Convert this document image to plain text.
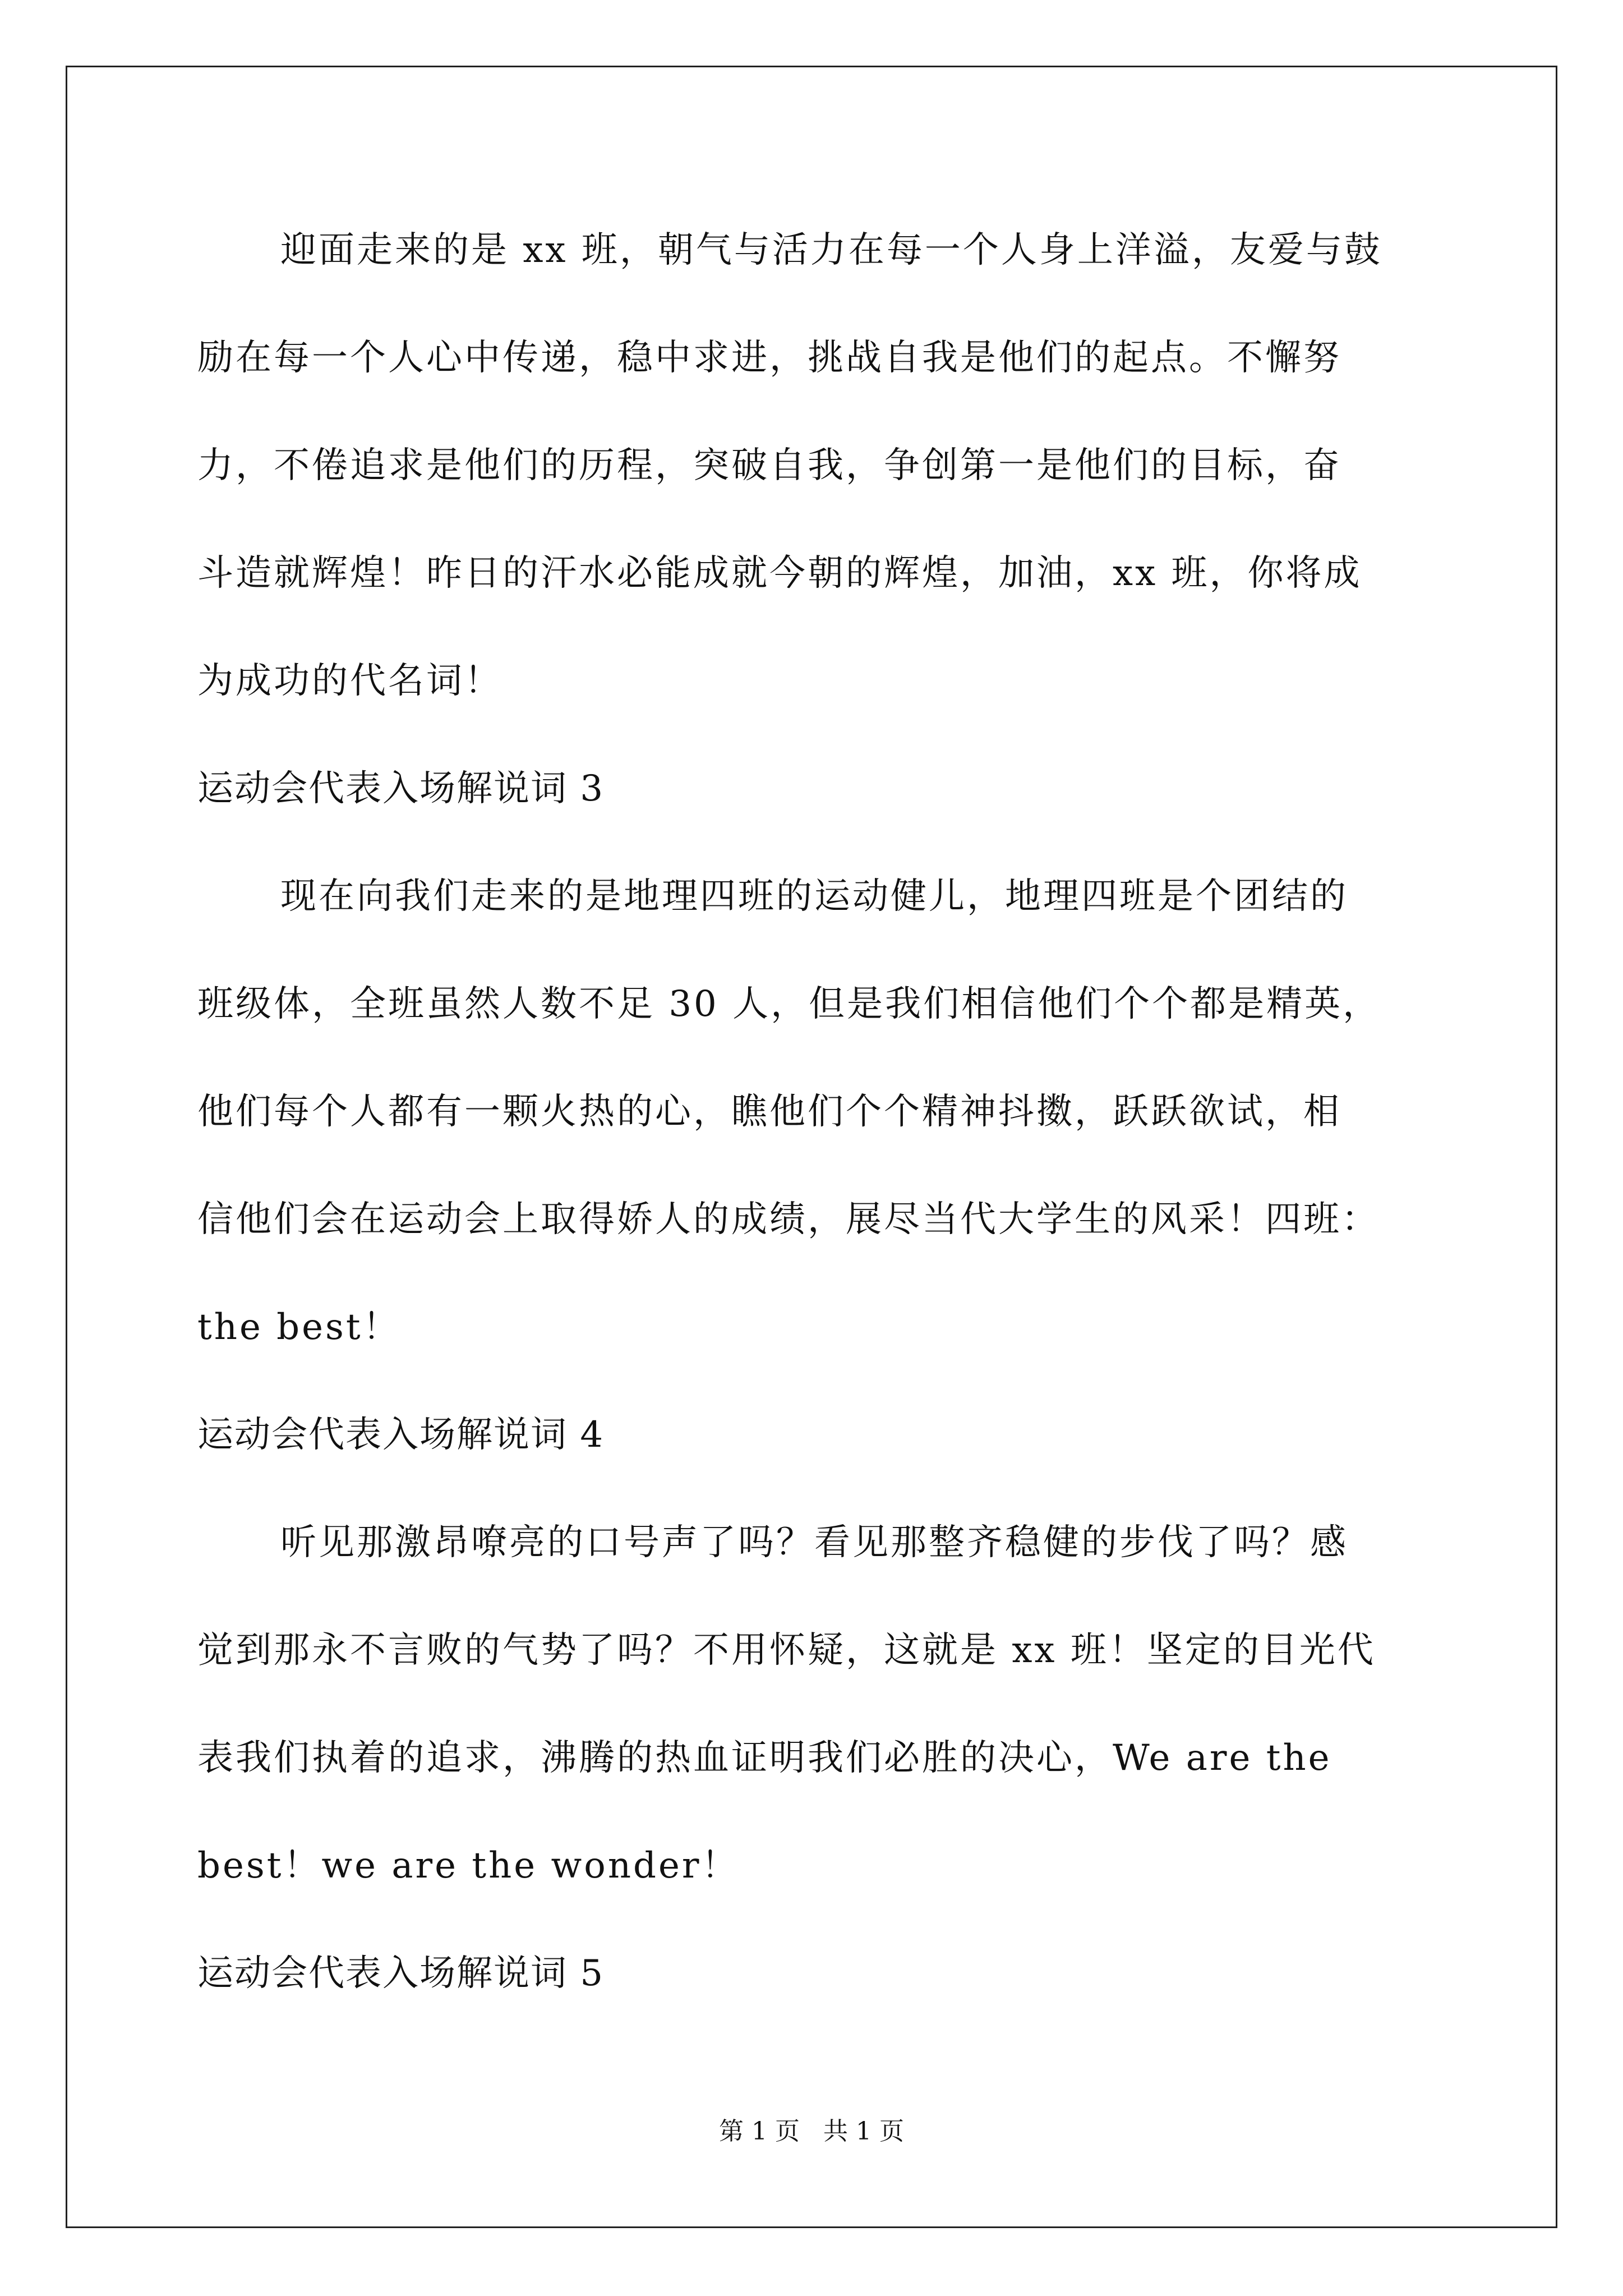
迎面走来的是 xx 班，朝气与活力在每一个人身上洋溢，友爱与鼓
励在每一个人心中传递，稳中求进，挑战自我是他们的起点。不懈努
力，不倦追求是他们的历程，突破自我，争创第一是他们的目标，奋
斗造就辉煌！昨日的汗水必能成就今朝的辉煌，加油，xx 班，你将成
为成功的代名词！
运动会代表入场解说词 3
现在向我们走来的是地理四班的运动健儿，地理四班是个团结的
班级体，全班虽然人数不足 30 人，但是我们相信他们个个都是精英，
他们每个人都有一颗火热的心，瞧他们个个精神抖擞，跃跃欲试，相
信他们会在运动会上取得娇人的成绩，展尽当代大学生的风采！四班：
the best！
运动会代表入场解说词 4
听见那激昂嘹亮的口号声了吗？看见那整齐稳健的步伐了吗？感
觉到那永不言败的气势了吗？不用怀疑，这就是 xx 班！坚定的目光代
表我们执着的追求，沸腾的热血证明我们必胜的决心，We are the
best！we are the wonder！
运动会代表入场解说词 5
第 1 页   共 1 页
